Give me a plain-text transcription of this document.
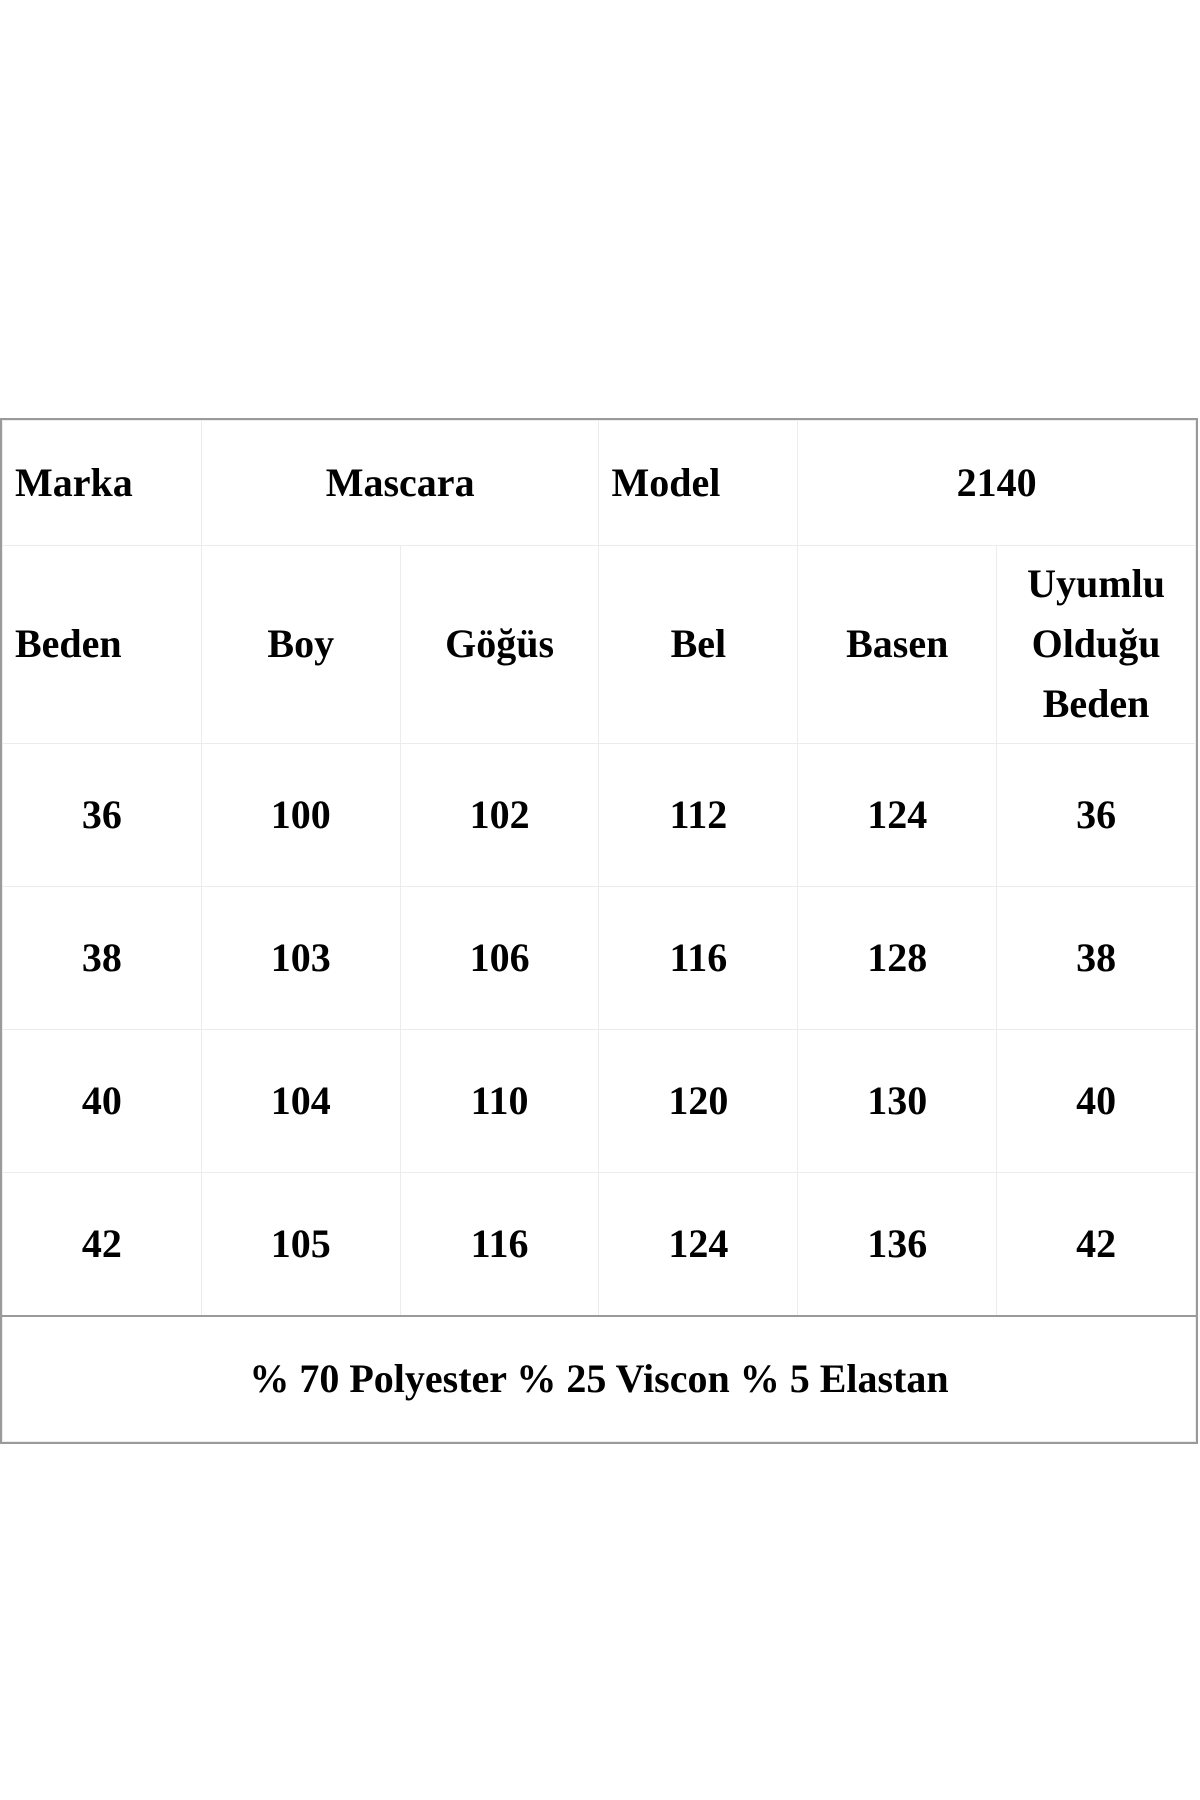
Marka	Mascara		Model	2140	
Beden	Boy	Göğüs	Bel	Basen	Uyumlu Olduğu Beden
36	100	102	112	124	36
38	103	106	116	128	38
40	104	110	120	130	40
42	105	116	124	136	42
% 70 Polyester % 25 Viscon % 5 Elastan					
